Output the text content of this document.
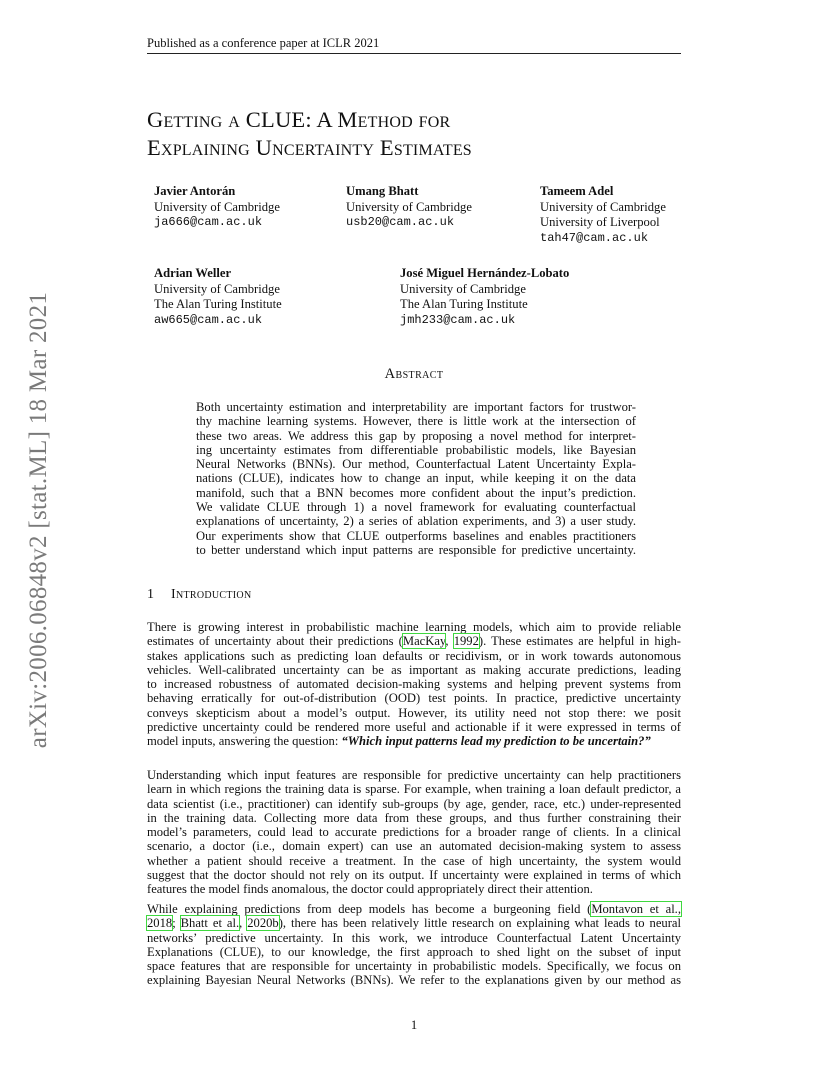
Published as a conference paper at ICLR 2021
Getting a CLUE: A Method for
Explaining Uncertainty Estimates
Javier Antorán
University of Cambridge
ja666@cam.ac.uk
Umang Bhatt
University of Cambridge
usb20@cam.ac.uk
Tameem Adel
University of Cambridge
University of Liverpool
tah47@cam.ac.uk
Adrian Weller
University of Cambridge
The Alan Turing Institute
aw665@cam.ac.uk
José Miguel Hernández-Lobato
University of Cambridge
The Alan Turing Institute
jmh233@cam.ac.uk
arXiv:2006.06848v2 [stat.ML] 18 Mar 2021	Abstract
Both uncertainty estimation and interpretability are important factors for trustwor-
thy machine learning systems. However, there is little work at the intersection of
these two areas. We address this gap by proposing a novel method for interpret-
ing uncertainty estimates from differentiable probabilistic models, like Bayesian
Neural Networks (BNNs). Our method, Counterfactual Latent Uncertainty Expla-
nations (CLUE), indicates how to change an input, while keeping it on the data
manifold, such that a BNN becomes more confident about the input’s prediction.
We validate CLUE through 1) a novel framework for evaluating counterfactual
explanations of uncertainty, 2) a series of ablation experiments, and 3) a user study.
Our experiments show that CLUE outperforms baselines and enables practitioners
to better understand which input patterns are responsible for predictive uncertainty.
1 Introduction
There is growing interest in probabilistic machine learning models, which aim to provide reliable
estimates of uncertainty about their predictions (MacKay, 1992). These estimates are helpful in high-
stakes applications such as predicting loan defaults or recidivism, or in work towards autonomous
vehicles. Well-calibrated uncertainty can be as important as making accurate predictions, leading
to increased robustness of automated decision-making systems and helping prevent systems from
behaving erratically for out-of-distribution (OOD) test points. In practice, predictive uncertainty
conveys skepticism about a model’s output. However, its utility need not stop there: we posit
predictive uncertainty could be rendered more useful and actionable if it were expressed in terms of
model inputs, answering the question: “Which input patterns lead my prediction to be uncertain?”
Understanding which input features are responsible for predictive uncertainty can help practitioners
learn in which regions the training data is sparse. For example, when training a loan default predictor, a
data scientist (i.e., practitioner) can identify sub-groups (by age, gender, race, etc.) under-represented
in the training data. Collecting more data from these groups, and thus further constraining their
model’s parameters, could lead to accurate predictions for a broader range of clients. In a clinical
scenario, a doctor (i.e., domain expert) can use an automated decision-making system to assess
whether a patient should receive a treatment. In the case of high uncertainty, the system would
suggest that the doctor should not rely on its output. If uncertainty were explained in terms of which
features the model finds anomalous, the doctor could appropriately direct their attention.
While explaining predictions from deep models has become a burgeoning field (Montavon et al.,
2018; Bhatt et al., 2020b), there has been relatively little research on explaining what leads to neural
networks’ predictive uncertainty. In this work, we introduce Counterfactual Latent Uncertainty
Explanations (CLUE), to our knowledge, the first approach to shed light on the subset of input
space features that are responsible for uncertainty in probabilistic models. Specifically, we focus on
explaining Bayesian Neural Networks (BNNs). We refer to the explanations given by our method as
1
